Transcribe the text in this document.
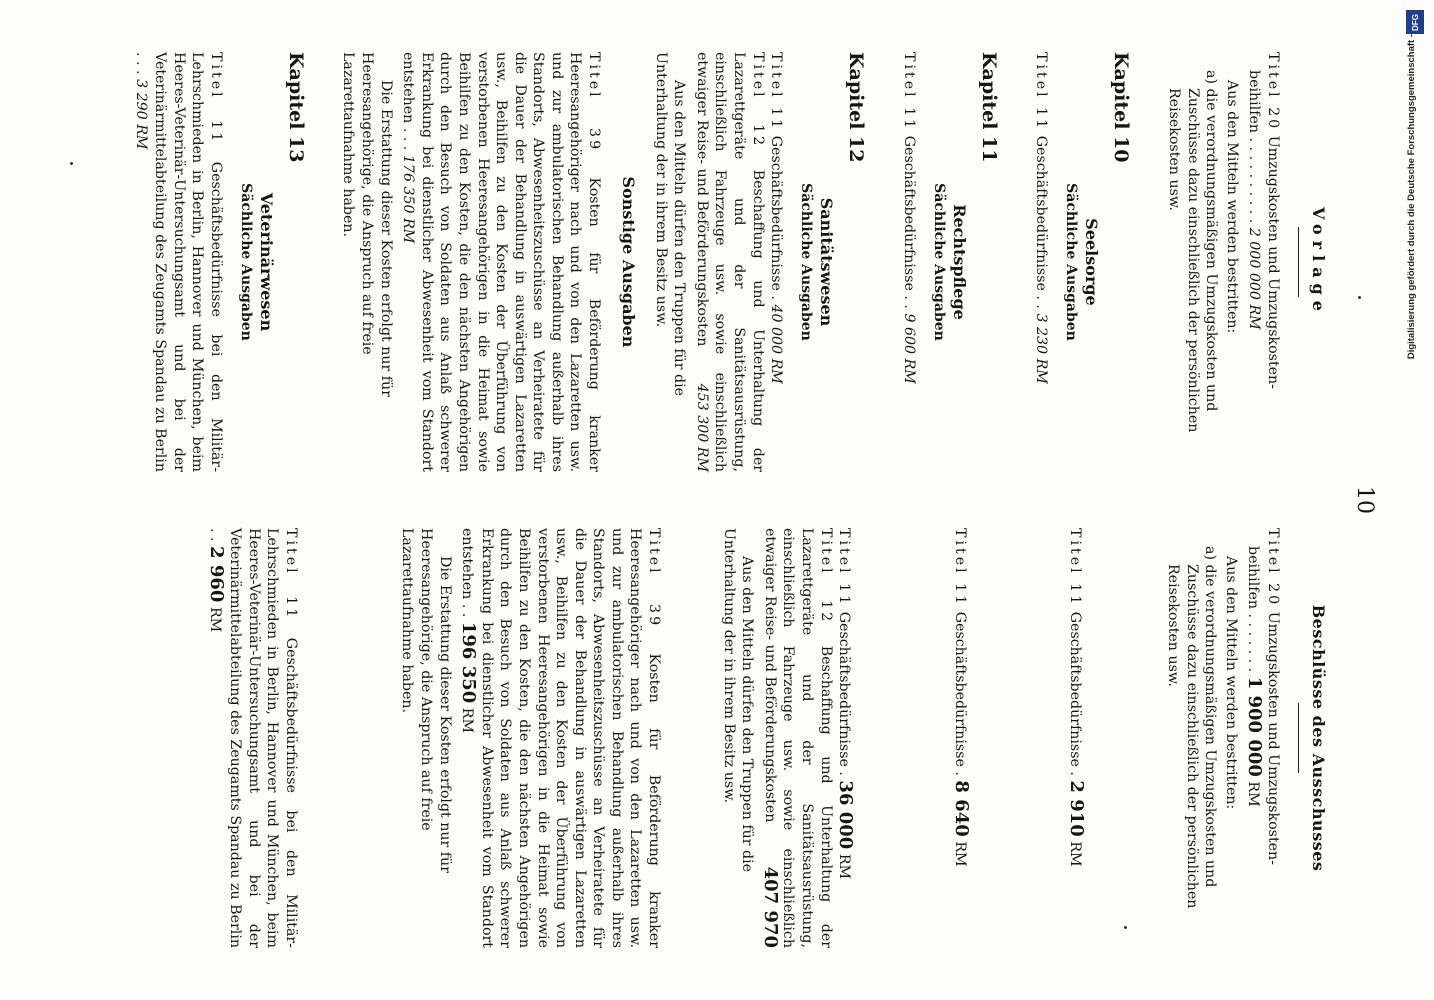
10
Vorlage

Titel 20 Umzugskosten und Umzugskosten-
beihilfen . . . . . . . . . . 2 000 000 RM

Aus den Mitteln werden bestritten:

a) die verordnungsmäßigen Umzugskosten und Zuschüsse dazu einschließlich der persönlichen Reisekosten usw.

Kapitel 10
Seelsorge
Sächliche Ausgaben

Titel 11 Geschäftsbedürfnisse . . 3 230 RM

Kapitel 11
Rechtspflege
Sächliche Ausgaben

Titel 11 Geschäftsbedürfnisse . . 9 600 RM

Kapitel 12
Sanitätswesen
Sächliche Ausgaben

Titel 11 Geschäftsbedürfnisse . 40 000 RM

Titel 12 Beschaffung und Unterhaltung der Lazarettgeräte und der Sanitätsausrüstung, einschließlich Fahrzeuge usw. sowie einschließlich etwaiger Reise- und Beförderungskosten
453 300 RM

Aus den Mitteln dürfen den Truppen für die Unterhaltung der in ihrem Besitz usw.

Sonstige Ausgaben

Titel 39 Kosten für Beförderung kranker Heeresangehöriger nach und von den Lazaretten usw. und zur ambulatorischen Behandlung außerhalb ihres Standorts, Abwesenheitszuschüsse an Verheiratete für die Dauer der Behandlung in auswärtigen Lazaretten usw., Beihilfen zu den Kosten der Überführung von verstorbenen Heeresangehörigen in die Heimat sowie Beihilfen zu den Kosten, die den nächsten Angehörigen durch den Besuch von Soldaten aus Anlaß schwerer Erkrankung bei dienstlicher Abwesenheit vom Standort entstehen . . . 176 350 RM

Die Erstattung dieser Kosten erfolgt nur für Heeresangehörige, die Anspruch auf freie Lazarettaufnahme haben.

Kapitel 13
Veterinärwesen
Sächliche Ausgaben

Titel 11 Geschäftsbedürfnisse bei den Militär-Lehrschmieden in Berlin, Hannover und München, beim Heeres-Veterinär-Untersuchungsamt und bei der Veterinärmittelabteilung des Zeugamts Spandau zu Berlin . . . 3 290 RM

Beschlüsse des Ausschusses

Titel 20 Umzugskosten und Umzugskosten-
beihilfen . . . . . . . 1 900 000 RM

Aus den Mitteln werden bestritten:

a) die verordnungsmäßigen Umzugskosten und Zuschüsse dazu einschließlich der persönlichen Reisekosten usw.

Titel 11 Geschäftsbedürfnisse . 2 910 RM

Titel 11 Geschäftsbedürfnisse . 8 640 RM

Titel 11 Geschäftsbedürfnisse . 36 000 RM

Titel 12 Beschaffung und Unterhaltung der Lazarettgeräte und der Sanitätsausrüstung, einschließlich Fahrzeuge usw. sowie einschließlich etwaiger Reise- und Beförderungskosten
407 970

Aus den Mitteln dürfen den Truppen für die Unterhaltung der in ihrem Besitz usw.

Titel 39 Kosten für Beförderung kranker Heeresangehöriger nach und von den Lazaretten usw. und zur ambulatorischen Behandlung außerhalb ihres Standorts, Abwesenheitszuschüsse an Verheiratete für die Dauer der Behandlung in auswärtigen Lazaretten usw., Beihilfen zu den Kosten der Überführung von verstorbenen Heeresangehörigen in die Heimat sowie Beihilfen zu den Kosten, die den nächsten Angehörigen durch den Besuch von Soldaten aus Anlaß schwerer Erkrankung bei dienstlicher Abwesenheit vom Standort entstehen . . 196 350 RM

Die Erstattung dieser Kosten erfolgt nur für Heeresangehörige, die Anspruch auf freie Lazarettaufnahme haben.

Titel 11 Geschäftsbedürfnisse bei den Militär-Lehrschmieden in Berlin, Hannover und München, beim Heeres-Veterinär-Untersuchungsamt und bei der Veterinärmittelabteilung des Zeugamts Spandau zu Berlin . . 2 960 RM

DFG
Digitalisierung gefördert durch die Deutsche Forschungsgemeinschaft -
